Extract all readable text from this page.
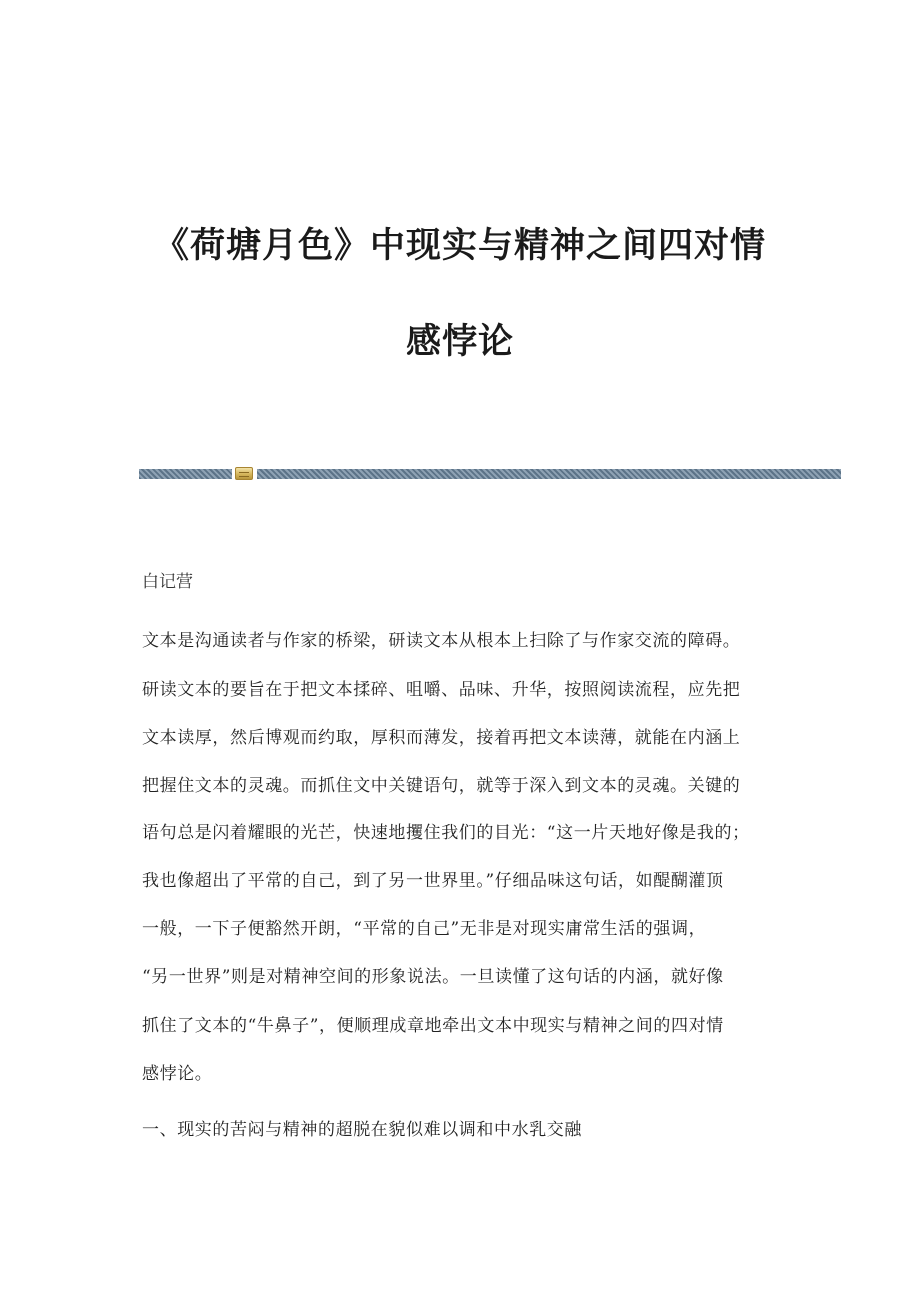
《荷塘月色》中现实与精神之间四对情
感悖论
白记营
文本是沟通读者与作家的桥梁，研读文本从根本上扫除了与作家交流的障碍。
研读文本的要旨在于把文本揉碎、咀嚼、品味、升华，按照阅读流程，应先把
文本读厚，然后博观而约取，厚积而薄发，接着再把文本读薄，就能在内涵上
把握住文本的灵魂。而抓住文中关键语句，就等于深入到文本的灵魂。关键的
语句总是闪着耀眼的光芒，快速地攫住我们的目光：“这一片天地好像是我的；
我也像超出了平常的自己，到了另一世界里。”仔细品味这句话，如醍醐灌顶
一般，一下子便豁然开朗，“平常的自己”无非是对现实庸常生活的强调，
“另一世界”则是对精神空间的形象说法。一旦读懂了这句话的内涵，就好像
抓住了文本的“牛鼻子”，便顺理成章地牵出文本中现实与精神之间的四对情
感悖论。
一、现实的苦闷与精神的超脱在貌似难以调和中水乳交融
